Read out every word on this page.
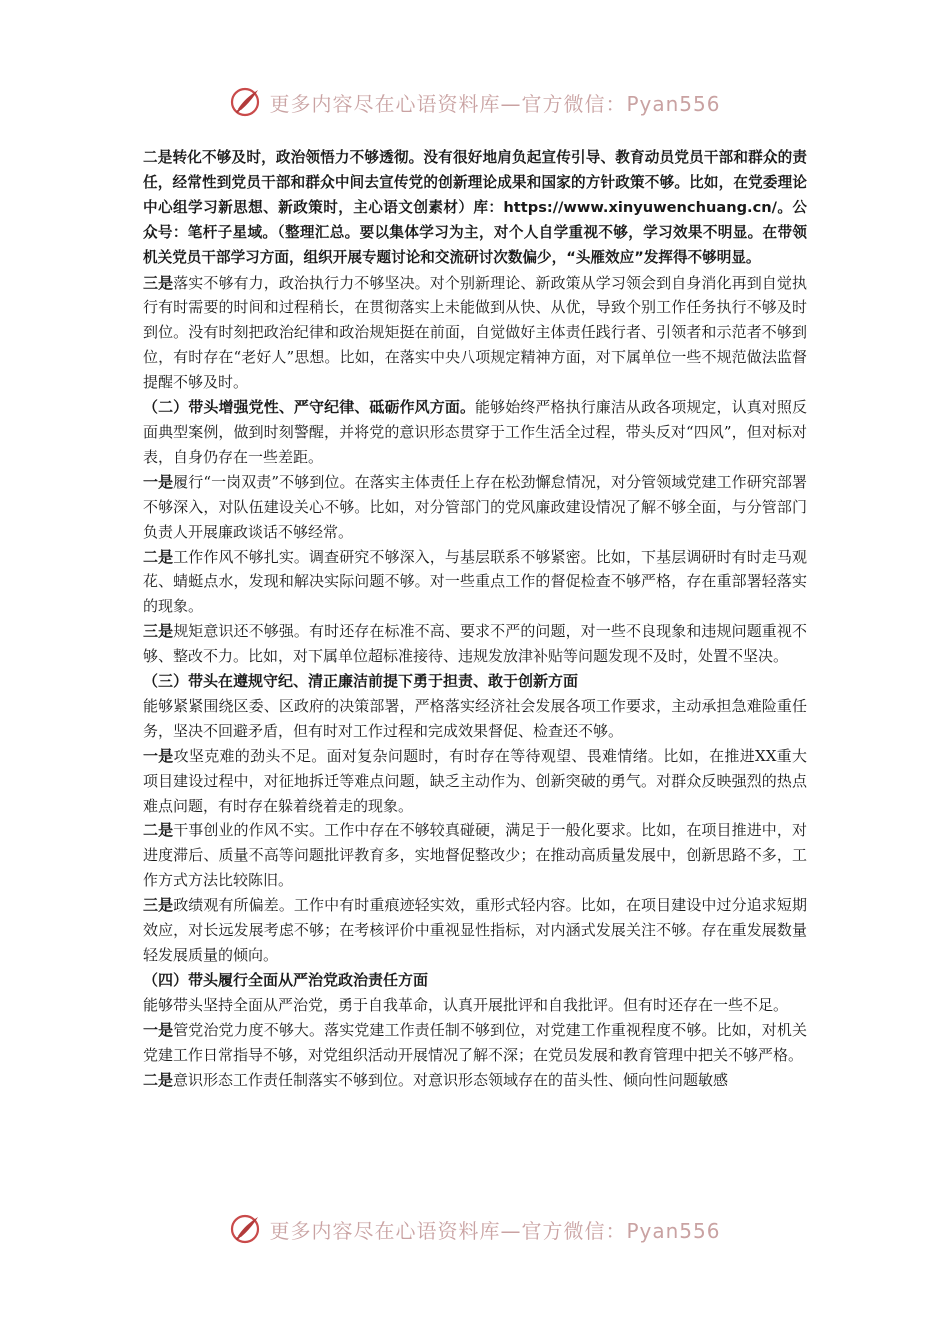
更多内容尽在心语资料库—官方微信：Pyan556

二是转化不够及时，政治领悟力不够透彻。没有很好地肩负起宣传引导、教育动员党员干部和群众的责任，经常性到党员干部和群众中间去宣传党的创新理论成果和国家的方针政策不够。比如，在党委理论中心组学习新思想、新政策时，主心语文创素材）库：https://www.xinyuwenchuang.cn/。公众号：笔杆子星域。（整理汇总。要以集体学习为主，对个人自学重视不够，学习效果不明显。在带领机关党员干部学习方面，组织开展专题讨论和交流研讨次数偏少，“头雁效应”发挥得不够明显。

三是落实不够有力，政治执行力不够坚决。对个别新理论、新政策从学习领会到自身消化再到自觉执行有时需要的时间和过程稍长，在贯彻落实上未能做到从快、从优，导致个别工作任务执行不够及时到位。没有时刻把政治纪律和政治规矩挺在前面，自觉做好主体责任践行者、引领者和示范者不够到位，有时存在“老好人”思想。比如，在落实中央八项规定精神方面，对下属单位一些不规范做法监督提醒不够及时。

（二）带头增强党性、严守纪律、砥砺作风方面。能够始终严格执行廉洁从政各项规定，认真对照反面典型案例，做到时刻警醒，并将党的意识形态贯穿于工作生活全过程，带头反对“四风”，但对标对表，自身仍存在一些差距。

一是履行“一岗双责”不够到位。在落实主体责任上存在松劲懈怠情况，对分管领域党建工作研究部署不够深入，对队伍建设关心不够。比如，对分管部门的党风廉政建设情况了解不够全面，与分管部门负责人开展廉政谈话不够经常。

二是工作作风不够扎实。调查研究不够深入，与基层联系不够紧密。比如，下基层调研时有时走马观花、蜻蜓点水，发现和解决实际问题不够。对一些重点工作的督促检查不够严格，存在重部署轻落实的现象。

三是规矩意识还不够强。有时还存在标准不高、要求不严的问题，对一些不良现象和违规问题重视不够、整改不力。比如，对下属单位超标准接待、违规发放津补贴等问题发现不及时，处置不坚决。

（三）带头在遵规守纪、清正廉洁前提下勇于担责、敢于创新方面

能够紧紧围绕区委、区政府的决策部署，严格落实经济社会发展各项工作要求，主动承担急难险重任务，坚决不回避矛盾，但有时对工作过程和完成效果督促、检查还不够。

一是攻坚克难的劲头不足。面对复杂问题时，有时存在等待观望、畏难情绪。比如，在推进XX重大项目建设过程中，对征地拆迁等难点问题，缺乏主动作为、创新突破的勇气。对群众反映强烈的热点难点问题，有时存在躲着绕着走的现象。

二是干事创业的作风不实。工作中存在不够较真碰硬，满足于一般化要求。比如，在项目推进中，对进度滞后、质量不高等问题批评教育多，实地督促整改少；在推动高质量发展中，创新思路不多，工作方式方法比较陈旧。

三是政绩观有所偏差。工作中有时重痕迹轻实效，重形式轻内容。比如，在项目建设中过分追求短期效应，对长远发展考虑不够；在考核评价中重视显性指标，对内涵式发展关注不够。存在重发展数量轻发展质量的倾向。

（四）带头履行全面从严治党政治责任方面

能够带头坚持全面从严治党，勇于自我革命，认真开展批评和自我批评。但有时还存在一些不足。

一是管党治党力度不够大。落实党建工作责任制不够到位，对党建工作重视程度不够。比如，对机关党建工作日常指导不够，对党组织活动开展情况了解不深；在党员发展和教育管理中把关不够严格。

二是意识形态工作责任制落实不够到位。对意识形态领域存在的苗头性、倾向性问题敏感

更多内容尽在心语资料库—官方微信：Pyan556
